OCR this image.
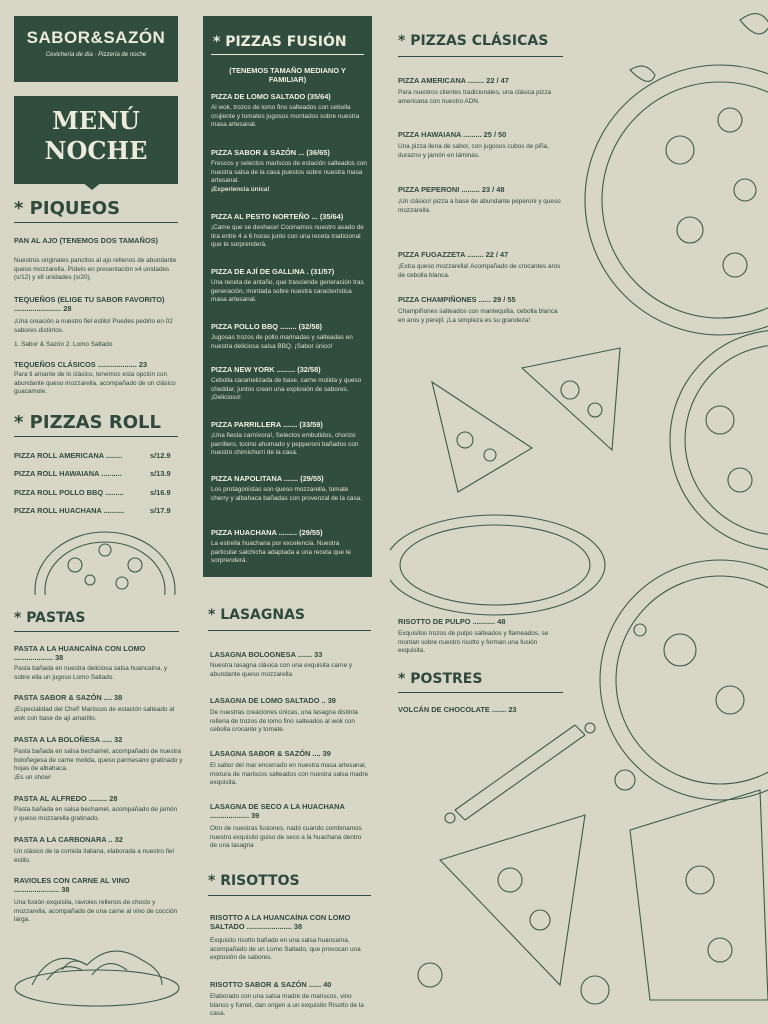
SABOR&SAZÓN
Cevichería de día · Pizzería de noche
MENÚ
NOCHE
* PIQUEOS
PAN AL AJO (TENEMOS DOS TAMAÑOS)
Nuestros originales pancitos al ajo rellenos de abundante queso mozzarella. Pídelo en presentación x4 unidades (s/12) y x8 unidades (s/20).
TEQUEÑOS (ELIGE TU SABOR FAVORITO) ....................... 28
¡Una creación a nuestro fiel estilo! Puedes pedirlo en 02 sabores distintos.
1. Sabor & Sazón 2. Lomo Saltado
TEQUEÑOS CLÁSICOS ................... 23
Para ti amante de lo clásico, tenemos esta opción con abundante queso mozzarella, acompañado de un clásico guacamole.
* PIZZAS ROLL
PIZZA ROLL AMERICANA ........	s/12.9
PIZZA ROLL HAWAIANA ..........	s/13.9
PIZZA ROLL POLLO BBQ .........	s/16.9
PIZZA ROLL HUACHANA ..........	s/17.9
* PIZZAS FUSIÓN
(TENEMOS TAMAÑO MEDIANO Y FAMILIAR)
PIZZA DE LOMO SALTADO (35/64)
Al wok, trozos de lomo fino salteados con cebolla crujiente y tomates jugosos montados sobre nuestra masa artesanal.
PIZZA SABOR & SAZÓN ... (36/65)
Frescos y selectos mariscos de estación salteados con nuestra salsa de la casa puestos sobre nuestra masa artesanal.
¡Experiencia única!
PIZZA AL PESTO NORTEÑO ... (35/64)
¡Came que se deshace! Cocinamos nuestro asado de tira entre 4 a 6 horas junto con una receta tradicional que te sorprenderá.
PIZZA DE AJÍ DE GALLINA . (31/57)
Una receta de antaño, que trasciende generación tras generación, montada sobre nuestra característica masa artesanal.
PIZZA POLLO BBQ ........ (32/58)
Jugosas trozos de pollo marinadas y salteadas en nuestra deliciosa salsa BBQ. ¡Sabor único!
PIZZA NEW YORK ......... (32/58)
Cebolla caramelizada de base, carne molida y queso cheddar, juntos crean una explosión de sabores. ¡Delicioso!
PIZZA PARRILLERA ....... (33/59)
¡Una fiesta carnívora!, Selectos embutidos, chorizo parrillero, tocino ahumado y pepperoni bañados con nuestro chimichurri de la casa.
PIZZA NAPOLITANA ....... (29/55)
Los protagonistas son queso mozzarella, tomate cherry y albahaca bañadas con provenzal de la casa.
PIZZA HUACHANA ......... (29/55)
La estrella huachana por excelencia. Nuestra particular salchicha adaptada a una receta que te sorprenderá.
* PIZZAS CLÁSICAS
PIZZA AMERICANA ........ 22 / 47
Para nuestros clientes tradicionales, una clásica pizza americana con nuestro ADN.
PIZZA HAWAIANA ......... 25 / 50
Una pizza llena de sabor, con jugosos cubos de piña, durazno y jamón en láminas.
PIZZA PEPERONI ......... 23 / 48
¡Un clásico! pizza a base de abundante peperoni y queso mozzarella.
PIZZA FUGAZZETA ........ 22 / 47
¡Extra queso mozzarella! Acompañado de crocantes aros de cebolla blanca.
PIZZA CHAMPIÑONES ...... 29 / 55
Champiñones salteados con mantequilla, cebolla blanca en aros y perejil. ¡La simpleza es su grandeza!
* PASTAS
PASTA A LA HUANCAÍNA CON LOMO ................... 38
Pasta bañada en nuestra deliciosa salsa huancaína, y sobre ella un jugoso Lomo Saltado.
PASTA SABOR & SAZÓN .... 38
¡Especialidad del Chef! Mariscos de estación salteado al wok con base de ají amarillo.
PASTA A LA BOLOÑESA ..... 32
Pasta bañada en salsa bechamel, acompañado de nuestra boloñegesa de carne molida, queso parmesano gratinado y hojas de albahaca.
¡Es un show!
PASTA AL ALFREDO ......... 28
Pasta bañada en salsa bechamel, acompañado de jamón y queso mozzarella gratinado.
PASTA A LA CARBONARA .. 32
Un clásico de la comida italiana, elaborada a nuestro fiel estilo.
RAVIOLES CON CARNE AL VINO ...................... 38
Una fusión exquisita, ravioles rellenos de choclo y mozzarella, acompañado de una carne al vino de cocción larga.
* LASAGNAS
LASAGNA BOLOGNESA ....... 33
Nuestra lasagna clásica con una exquisita carne y abundante queso mozzarella
LASAGNA DE LOMO SALTADO .. 39
De nuestras creaciones únicas, una lasagna distinta rellena de trozos de lomo fino salteados al wok con cebolla crocante y tomate.
LASAGNA SABOR & SAZÓN .... 39
El sabor del mar encerrado en nuestra masa artesanal, mixtura de mariscos salteados con nuestra salsa madre exquisita.
LASAGNA DE SECO A LA HUACHANA ................... 39
Otro de nuestras fusiones, nadó cuando combinamos nuestro exquisito guiso de seco a la huachana dentro de una lasagna
* RISOTTOS
RISOTTO A LA HUANCAÍNA CON LOMO SALTADO ...................... 38
Exquisito risotto bañado en una salsa huancaína, acompañado de un Lomo Saltado, que provocan una explosión de sabores.
RISOTTO SABOR & SAZÓN ...... 40
Elaborado con una salsa madre de mariscos, vino blanco y fumet, dan origen a un exquisito Risotto de la casa.
RISOTTO DE PULPO ........... 48
Exquisitos trozos de pulpo salteados y flameados, se montan sobre nuestro risotto y forman una fusión exquisita.
* POSTRES
VOLCÁN DE CHOCOLATE ....... 23
